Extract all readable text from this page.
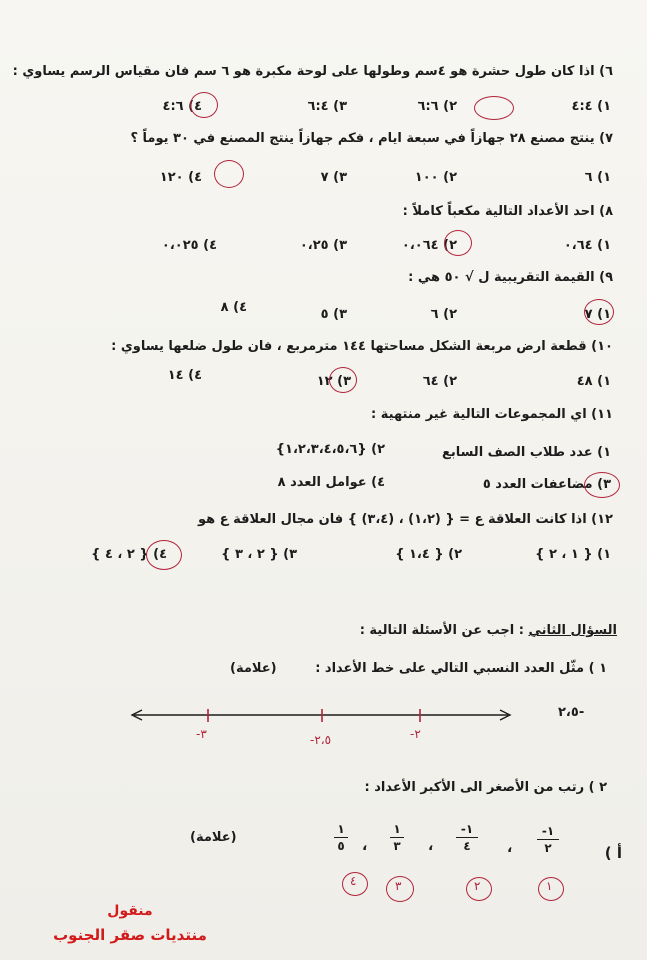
٦) اذا كان طول حشرة هو ٤سم وطولها على لوحة مكبرة هو ٦ سم فان مقياس الرسم يساوي :
١) ٤:٤
٢) ٦:٦
٣) ٦:٤
٤) ٤:٦
٧) ينتج مصنع ٢٨ جهازاً في سبعة ايام ، فكم جهازاً ينتج المصنع في ٣٠ يوماً ؟
١) ٦
٢) ١٠٠
٣) ٧
٤) ١٢٠
٨) احد الأعداد التالية مكعباً كاملاً :
١) ٠،٦٤
٢) ٠،٠٦٤
٣) ٠،٢٥
٤) ٠،٠٢٥
٩) القيمة التقريبية ل √ ٥٠ هي :
١) ٧
٢) ٦
٣) ٥
٤) ٨
١٠) قطعة ارض مربعة الشكل مساحتها ١٤٤ مترمربع ، فان طول ضلعها يساوي :
١) ٤٨
٢) ٦٤
٣) ١٢
٤) ١٤
١١) اي المجموعات التالية غير منتهية :
١) عدد طلاب الصف السابع
٢) {١،٢،٣،٤،٥،٦}
٣) مضاعفات العدد ٥
٤) عوامل العدد ٨
١٢) اذا كانت العلاقة ع = { (١،٢) ، (٣،٤) } فان مجال العلاقة ع هو
١) { ١ ، ٢ }
٢) { ١،٤ }
٣) { ٢ ، ٣ }
٤) { ٢ ، ٤ }
السؤال الثاني : اجب عن الأسئلة التالية :
١ ) مثّل العدد النسبي التالي على خط الأعداد :
(علامة)
-٢،٥
-٣	-٢،٥	-٢
٢ ) رتب من الأصغر الى الأكبر الأعداد :
(علامة)
أ )
-١
٢
،
-١
٤
،
١
٣
،
١
٥
١
٢
٣
٤
منقول
منتديات صقر الجنوب
